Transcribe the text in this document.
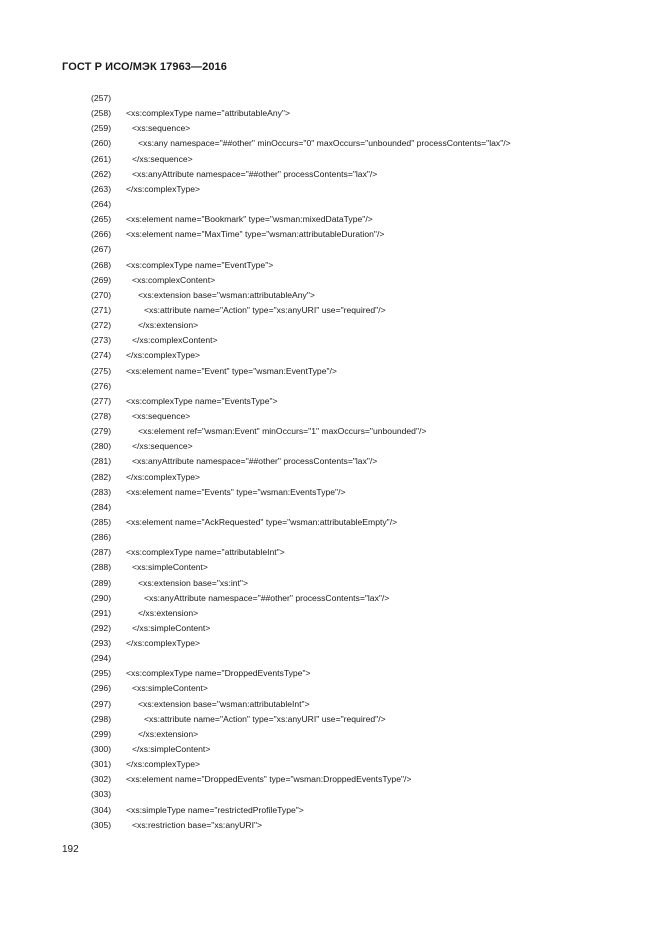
ГОСТ Р ИСО/МЭК 17963—2016
(257)
(258) <xs:complexType name="attributableAny">
(259) <xs:sequence>
(260)	<xs:any namespace="##other" minOccurs="0" maxOccurs="unbounded" processContents="lax"/>
(261) </xs:sequence>
(262) <xs:anyAttribute namespace="##other" processContents="lax"/>
(263) </xs:complexType>
(264)
(265) <xs:element name="Bookmark" type="wsman:mixedDataType"/>
(266) <xs:element name="MaxTime" type="wsman:attributableDuration"/>
(267)
(268) <xs:complexType name="EventType">
(269) <xs:complexContent>
(270)	<xs:extension base="wsman:attributableAny">
(271)	<xs:attribute name="Action" type="xs:anyURI" use="required"/>
(272)	</xs:extension>
(273) </xs:complexContent>
(274) </xs:complexType>
(275) <xs:element name="Event" type="wsman:EventType"/>
(276)
(277) <xs:complexType name="EventsType">
(278) <xs:sequence>
(279)	<xs:element ref="wsman:Event" minOccurs="1" maxOccurs="unbounded"/>
(280) </xs:sequence>
(281) <xs:anyAttribute namespace="##other" processContents="lax"/>
(282) </xs:complexType>
(283) <xs:element name="Events" type="wsman:EventsType"/>
(284)
(285) <xs:element name="AckRequested" type="wsman:attributableEmpty"/>
(286)
(287) <xs:complexType name="attributableInt">
(288) <xs:simpleContent>
(289)	<xs:extension base="xs:int">
(290)	<xs:anyAttribute namespace="##other" processContents="lax"/>
(291)	</xs:extension>
(292) </xs:simpleContent>
(293) </xs:complexType>
(294)
(295) <xs:complexType name="DroppedEventsType">
(296) <xs:simpleContent>
(297)	<xs:extension base="wsman:attributableInt">
(298)	<xs:attribute name="Action" type="xs:anyURI" use="required"/>
(299)	</xs:extension>
(300) </xs:simpleContent>
(301) </xs:complexType>
(302) <xs:element name="DroppedEvents" type="wsman:DroppedEventsType"/>
(303)
(304) <xs:simpleType name="restrictedProfileType">
(305) <xs:restriction base="xs:anyURI">
192
